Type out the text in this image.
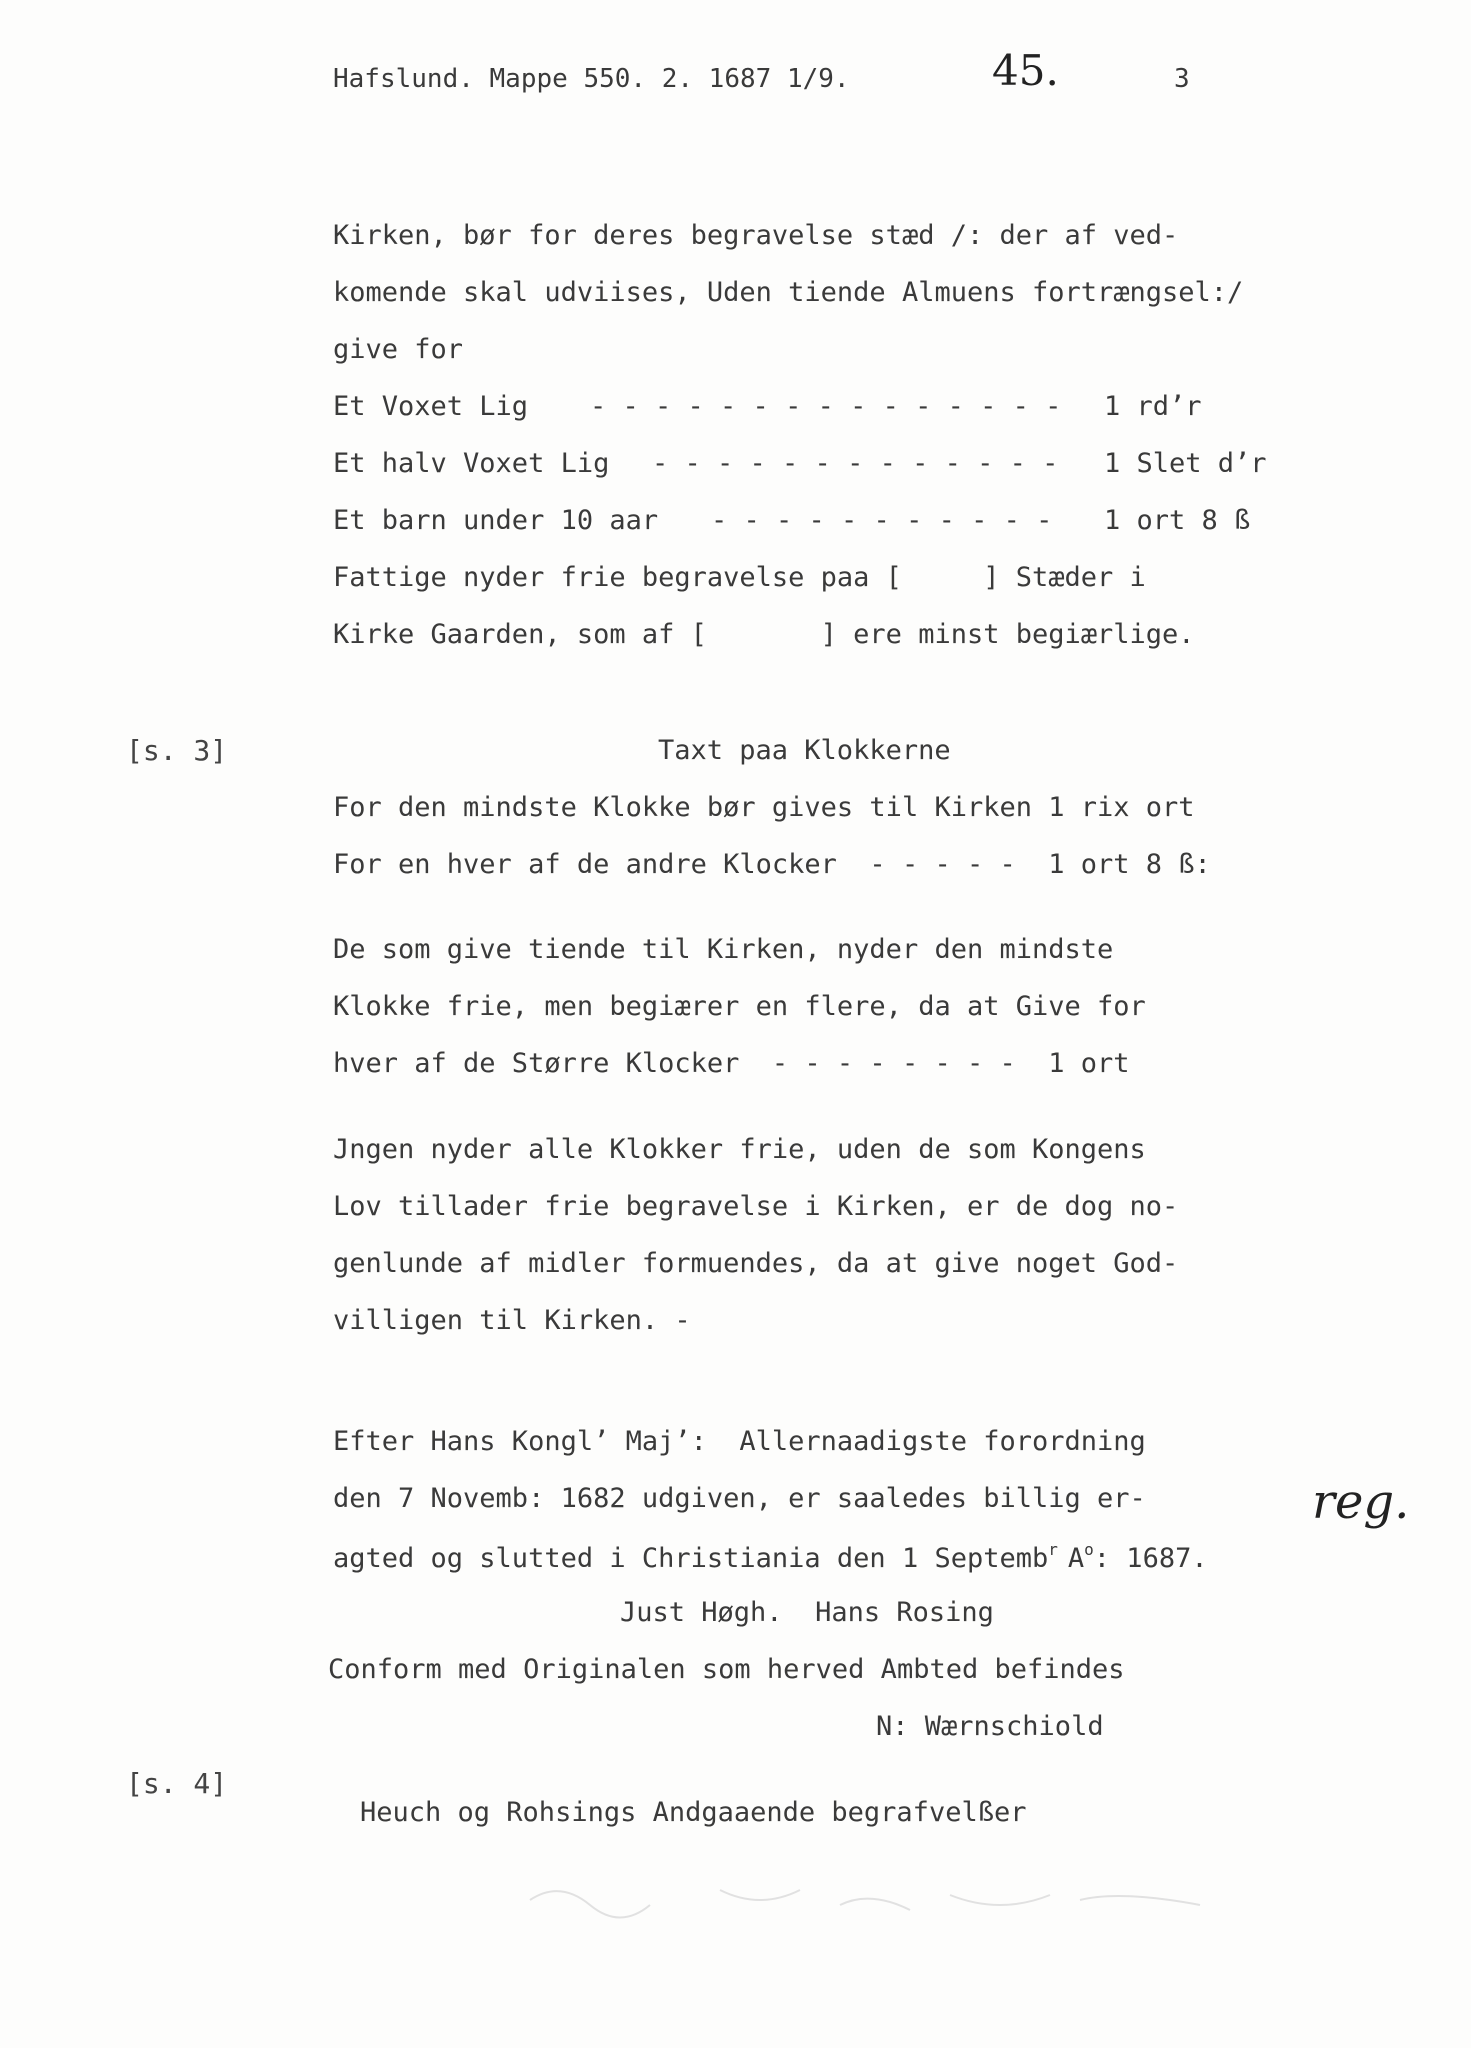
Hafslund. Mappe 550. 2. 1687 1/9.	45.	3
Kirken, bør for deres begravelse stæd /: der af ved-
komende skal udviises, Uden tiende Almuens fortrængsel:/
give for
Et Voxet Lig - - - - - - - - - - - - - - - 1 rd’r
Et halv Voxet Lig - - - - - - - - - - - - - 1 Slet d’r
Et barn under 10 aar - - - - - - - - - - - 1 ort 8 ß
Fattige nyder frie begravelse paa [     ] Stæder i
Kirke Gaarden, som af [       ] ere minst begiærlige.
[s. 3]	Taxt paa Klokkerne
For den mindste Klokke bør gives til Kirken 1 rix ort
For en hver af de andre Klocker  - - - - -  1 ort 8 ß:
De som give tiende til Kirken, nyder den mindste
Klokke frie, men begiærer en flere, da at Give for
hver af de Større Klocker  - - - - - - - -  1 ort
Jngen nyder alle Klokker frie, uden de som Kongens
Lov tillader frie begravelse i Kirken, er de dog no-
genlunde af midler formuendes, da at give noget God-
villigen til Kirken. -
Efter Hans Kongl’ Maj’:  Allernaadigste forordning
den 7 Novemb: 1682 udgiven, er saaledes billig er-
agted og slutted i Christiania den 1 Septemb$^r$ $A^o$: 1687.
reg.
Just Høgh.  Hans Rosing
Conform med Originalen som herved Ambted befindes
N: Wærnschiold
[s. 4]
Heuch og Rohsings Andgaaende begrafvelßer
